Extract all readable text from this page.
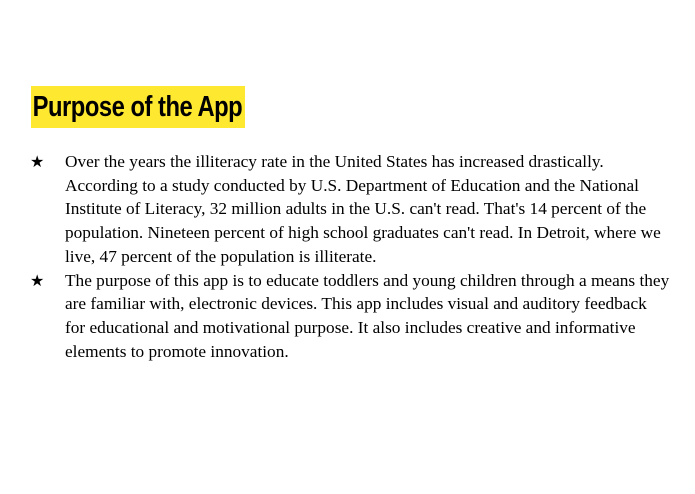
Purpose of the App
★ Over the years the illiteracy rate in the United States has increased drastically. According to a study conducted by U.S. Department of Education and the National Institute of Literacy, 32 million adults in the U.S. can't read. That's 14 percent of the population. Nineteen percent of high school graduates can't read. In Detroit, where we live, 47 percent of the population is illiterate.
★ The purpose of this app is to educate toddlers and young children through a means they are familiar with, electronic devices. This app includes visual and auditory feedback for educational and motivational purpose. It also includes creative and informative elements to promote innovation.
